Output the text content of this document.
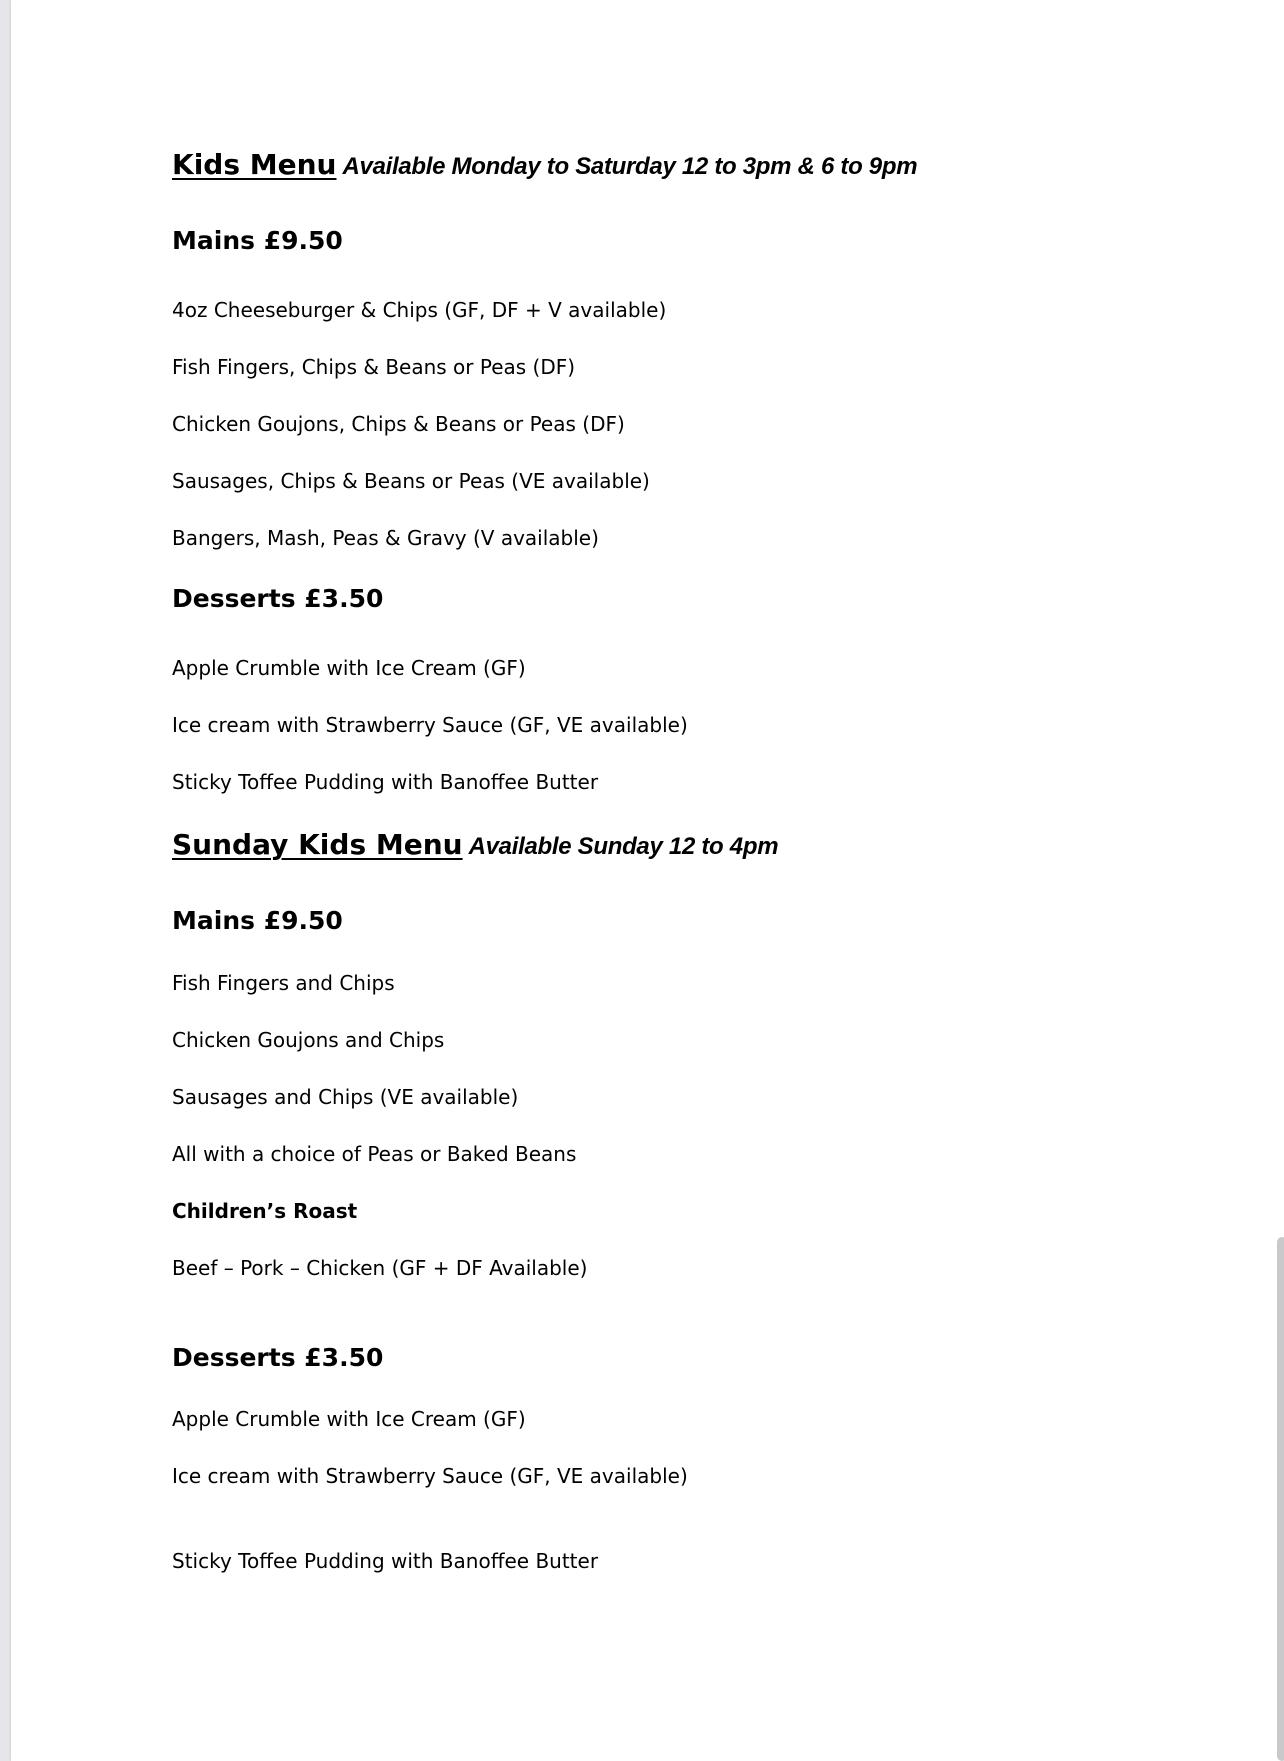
Kids Menu Available Monday to Saturday 12 to 3pm & 6 to 9pm
Mains £9.50
4oz Cheeseburger & Chips (GF, DF + V available)
Fish Fingers, Chips & Beans or Peas (DF)
Chicken Goujons, Chips & Beans or Peas (DF)
Sausages, Chips & Beans or Peas (VE available)
Bangers, Mash, Peas & Gravy (V available)
Desserts £3.50
Apple Crumble with Ice Cream (GF)
Ice cream with Strawberry Sauce (GF, VE available)
Sticky Toffee Pudding with Banoffee Butter
Sunday Kids Menu Available Sunday 12 to 4pm
Mains £9.50
Fish Fingers and Chips
Chicken Goujons and Chips
Sausages and Chips (VE available)
All with a choice of Peas or Baked Beans
Children’s Roast
Beef – Pork – Chicken (GF + DF Available)
Desserts £3.50
Apple Crumble with Ice Cream (GF)
Ice cream with Strawberry Sauce (GF, VE available)
Sticky Toffee Pudding with Banoffee Butter
